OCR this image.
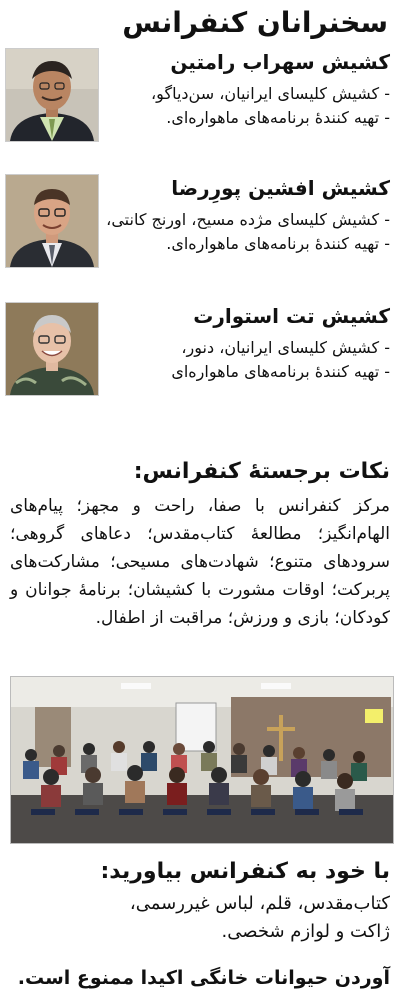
سخنرانان کنفرانس

کشیش سهراب رامتین

- کشیش کلیسای ایرانیان، سن‌دیاگو،

- تهیه کنندهٔ برنامه‌های ماهواره‌ای.

کشیش افشین پورِرضا

- کشیش کلیسای مژده مسیح، اورنج کانتی،

- تهیه کنندهٔ برنامه‌های ماهواره‌ای.

کشیش تت استوارت

- کشیش کلیسای ایرانیان، دنور،

- تهیه کنندهٔ برنامه‌های ماهواره‌ای

نکات برجستهٔ کنفرانس:
مرکز کنفرانس با صفا، راحت و مجهز؛ پیام‌های الهام‌انگیز؛ مطالعهٔ کتاب‌مقدس؛ دعاهای گروهی؛ سرودهای متنوع؛ شهادت‌های مسیحی؛ مشارکت‌های پربرکت؛ اوقات مشورت با کشیشان؛ برنامهٔ جوانان و کودکان؛ بازی و ورزش؛ مراقبت از اطفال.
با خود به کنفرانس بیاورید:

کتاب‌مقدس، قلم، لباس غیررسمی،

ژاکت و لوازم شخصی.

آوردن حیوانات خانگی اکیدا ممنوع است.
